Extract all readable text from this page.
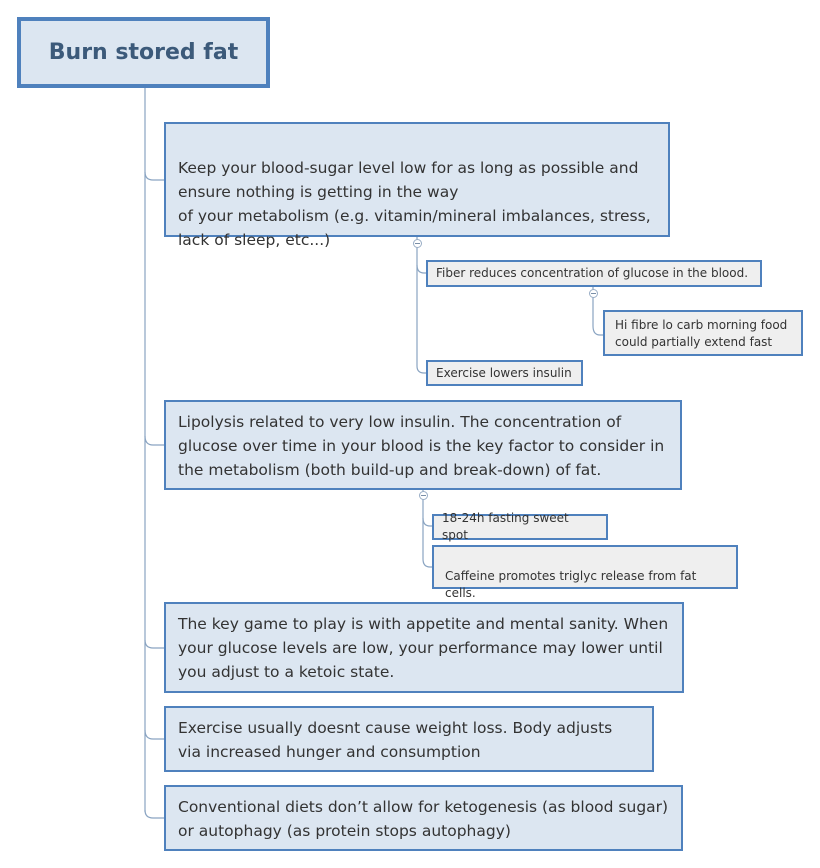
Burn stored fat

Keep your blood-sugar level low for as long as possible and ensure nothing is getting in the way
of your metabolism (e.g. vitamin/mineral imbalances, stress, lack of sleep, etc...)

Fiber reduces concentration of glucose in the blood.
Hi fibre lo carb morning food could partially extend fast
Exercise lowers insulin
Lipolysis related to very low insulin. The concentration of glucose over time in your blood is the key factor to consider in the metabolism (both build-up and break-down) of fat.
18-24h fasting sweet spot

Caffeine promotes triglyc release from fat cells.

The key game to play is with appetite and mental sanity. When your glucose levels are low, your performance may lower until you adjust to a ketoic state.
Exercise usually doesnt cause weight loss. Body adjusts via increased hunger and consumption
Conventional diets don’t allow for ketogenesis (as blood sugar) or autophagy (as protein stops autophagy)
